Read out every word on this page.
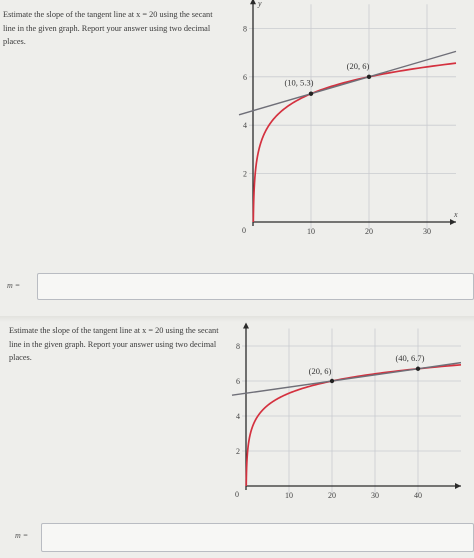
Estimate the slope of the tangent line at x = 20 using the secant line in the given graph. Report your answer using two decimal places.
10	20	30
2
4
6
8
0
x
y
(10, 5.3)
(20, 6)
m =
Estimate the slope of the tangent line at x = 20 using the secant line in the given graph. Report your answer using two decimal places.
10	20	30	40
2
4
6
8
0
(20, 6)
(40, 6.7)
m =
